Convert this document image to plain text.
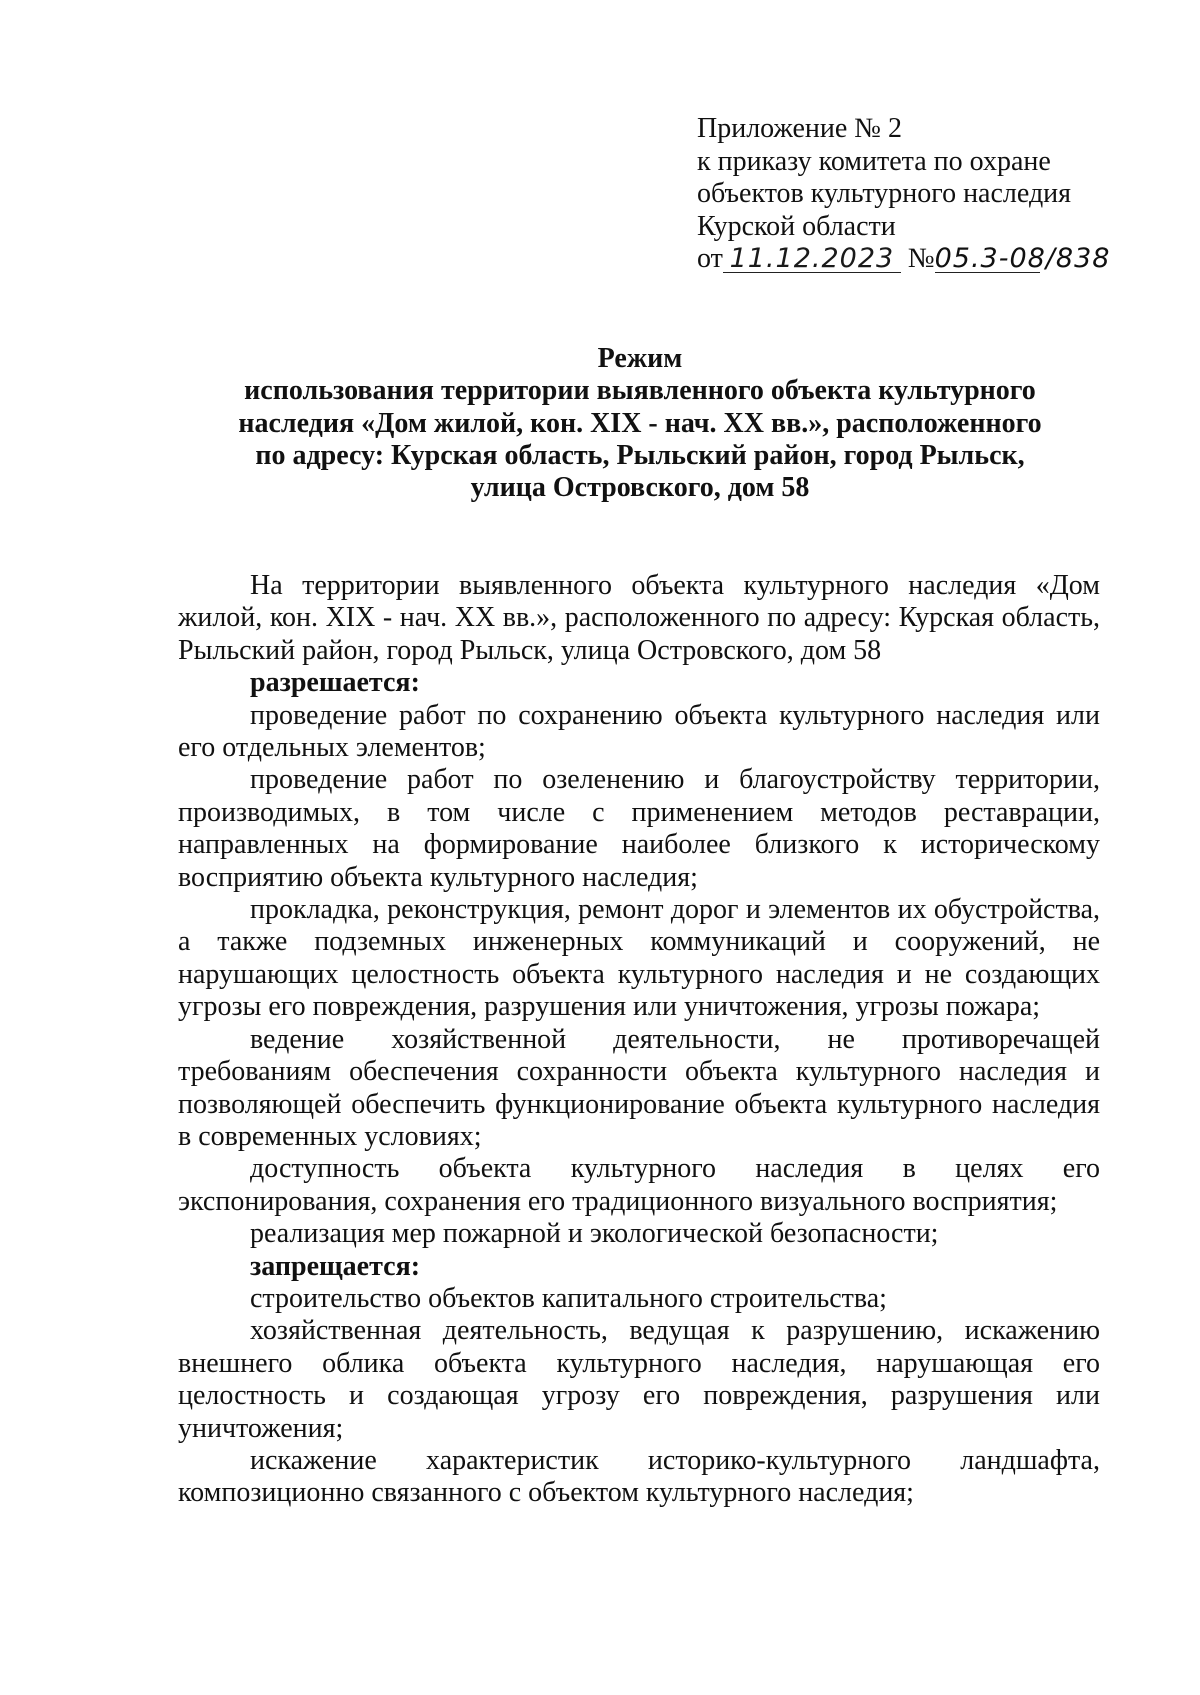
Приложение № 2
к приказу комитета по охране
объектов культурного наследия
Курской области
от 11.12.2023 №05.3-08/838
Режим
использования территории выявленного объекта культурного
наследия «Дом жилой, кон. XIX - нач. XX вв.», расположенного
по адресу: Курская область, Рыльский район, город Рыльск,
улица Островского, дом 58

На территории выявленного объекта культурного наследия «Дом жилой, кон. XIX - нач. XX вв.», расположенного по адресу: Курская область, Рыльский район, город Рыльск, улица Островского, дом 58

разрешается:

проведение работ по сохранению объекта культурного наследия или его отдельных элементов;

проведение работ по озеленению и благоустройству территории, производимых, в том числе с применением методов реставрации, направленных на формирование наиболее близкого к историческому восприятию объекта культурного наследия;

прокладка, реконструкция, ремонт дорог и элементов их обустройства, а также подземных инженерных коммуникаций и сооружений, не нарушающих целостность объекта культурного наследия и не создающих угрозы его повреждения, разрушения или уничтожения, угрозы пожара;

ведение хозяйственной деятельности, не противоречащей требованиям обеспечения сохранности объекта культурного наследия и позволяющей обеспечить функционирование объекта культурного наследия в современных условиях;

доступность объекта культурного наследия в целях его экспонирования, сохранения его традиционного визуального восприятия;

реализация мер пожарной и экологической безопасности;

запрещается:

строительство объектов капитального строительства;

хозяйственная деятельность, ведущая к разрушению, искажению внешнего облика объекта культурного наследия, нарушающая его целостность и создающая угрозу его повреждения, разрушения или уничтожения;

искажение характеристик историко-культурного ландшафта, композиционно связанного с объектом культурного наследия;
